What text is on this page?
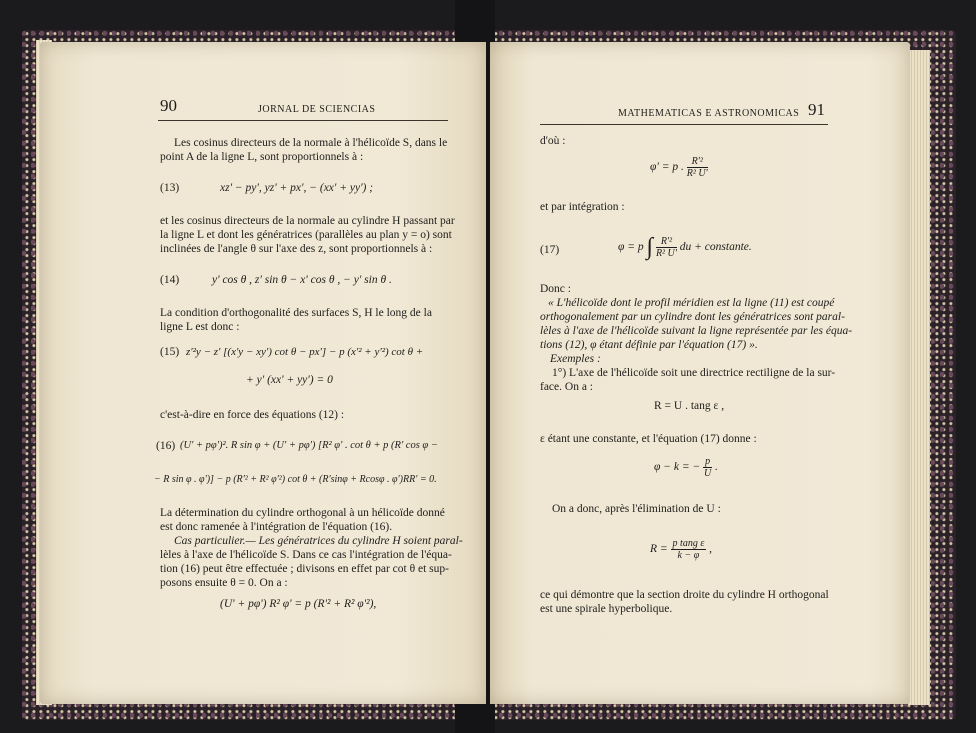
90	JORNAL DE SCIENCIAS
Les cosinus directeurs de la normale à l'hélicoïde S, dans le
point A de la ligne L, sont proportionnels à :
(13)	xz' − py', yz' + px', − (xx' + yy') ;
et les cosinus directeurs de la normale au cylindre H passant par
la ligne L et dont les génératrices (parallèles au plan y = o) sont
inclinées de l'angle θ sur l'axe des z, sont proportionnels à :
(14)	y' cos θ , z' sin θ − x' cos θ , − y' sin θ .
La condition d'orthogonalité des surfaces S, H le long de la
ligne L est donc :
(15) z'²y − z' [(x'y − xy') cot θ − px'] − p (x'² + y'²) cot θ +
+ y' (xx' + yy') = 0
c'est-à-dire en force des équations (12) :
(16) (U' + pφ')². R sin φ + (U' + pφ') [R² φ' . cot θ + p (R' cos φ −
− R sin φ . φ')] − p (R'² + R² φ'²) cot θ + (R'sinφ + Rcosφ . φ')RR' = 0.
La détermination du cylindre orthogonal à un hélicoïde donné
est donc ramenée à l'intégration de l'équation (16).
Cas particulier.— Les génératrices du cylindre H soient paral-
lèles à l'axe de l'hélicoïde S. Dans ce cas l'intégration de l'équa-
tion (16) peut être effectuée ; divisons en effet par cot θ et sup-
posons ensuite θ = 0. On a :
(U' + pφ') R² φ' = p (R'² + R² φ'²),
MATHEMATICAS E ASTRONOMICAS 91
d'où :
φ' = p . $\frac{\text{R'²}}{\text{R² U'}}$
et par intégration :
(17)	φ = p ∫ $\frac{\text{R'²}}{\text{R² U'}}$ du + constante.
Donc :
« L'hélicoïde dont le profil méridien est la ligne (11) est coupé
orthogonalement par un cylindre dont les génératrices sont paral-
lèles à l'axe de l'hélicoïde suivant la ligne représentée par les équa-
tions (12), φ étant définie par l'équation (17) ».
Exemples :
1°) L'axe de l'hélicoïde soit une directrice rectiligne de la sur-
face. On a :
R = U . tang ε ,
ε étant une constante, et l'équation (17) donne :
φ − k = − $\frac{p}{U}$ .
On a donc, après l'élimination de U :
$R = \frac{\text{p tang ε}}{k - \varphi}$ ,
ce qui démontre que la section droite du cylindre H orthogonal
est une spirale hyperbolique.
